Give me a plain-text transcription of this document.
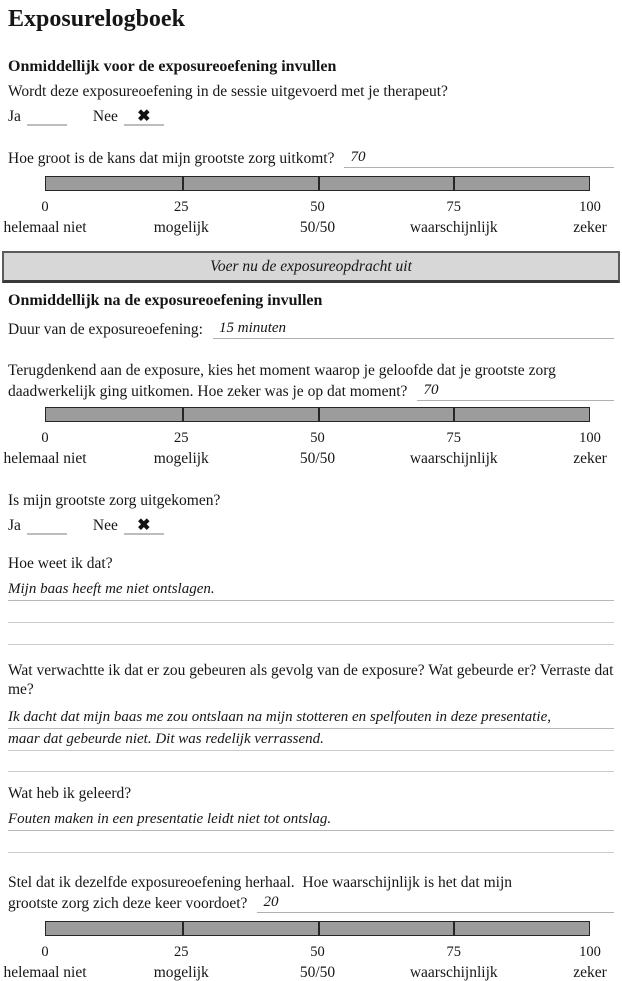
Exposurelogboek
Onmiddellijk voor de exposureoefening invullen
Wordt deze exposureoefening in de sessie uitgevoerd met je therapeut?
Ja	Nee ✖
Hoe groot is de kans dat mijn grootste zorg uitkomt?	70
0	25	50	75	100
helemaal niet	mogelijk	50/50	waarschijnlijk	zeker
Voer nu de exposureopdracht uit
Onmiddellijk na de exposureoefening invullen
Duur van de exposureoefening:	15 minuten
Terugdenkend aan de exposure, kies het moment waarop je geloofde dat je grootste zorg
daadwerkelijk ging uitkomen. Hoe zeker was je op dat moment?	70
0	25	50	75	100
helemaal niet	mogelijk	50/50	waarschijnlijk	zeker
Is mijn grootste zorg uitgekomen?
Ja	Nee ✖
Hoe weet ik dat?
Mijn baas heeft me niet ontslagen.
Wat verwachtte ik dat er zou gebeuren als gevolg van de exposure? Wat gebeurde er? Verraste dat me?
Ik dacht dat mijn baas me zou ontslaan na mijn stotteren en spelfouten in deze presentatie,
maar dat gebeurde niet. Dit was redelijk verrassend.
Wat heb ik geleerd?
Fouten maken in een presentatie leidt niet tot ontslag.
Stel dat ik dezelfde exposureoefening herhaal.  Hoe waarschijnlijk is het dat mijn
grootste zorg zich deze keer voordoet?	20
0	25	50	75	100
helemaal niet	mogelijk	50/50	waarschijnlijk	zeker
